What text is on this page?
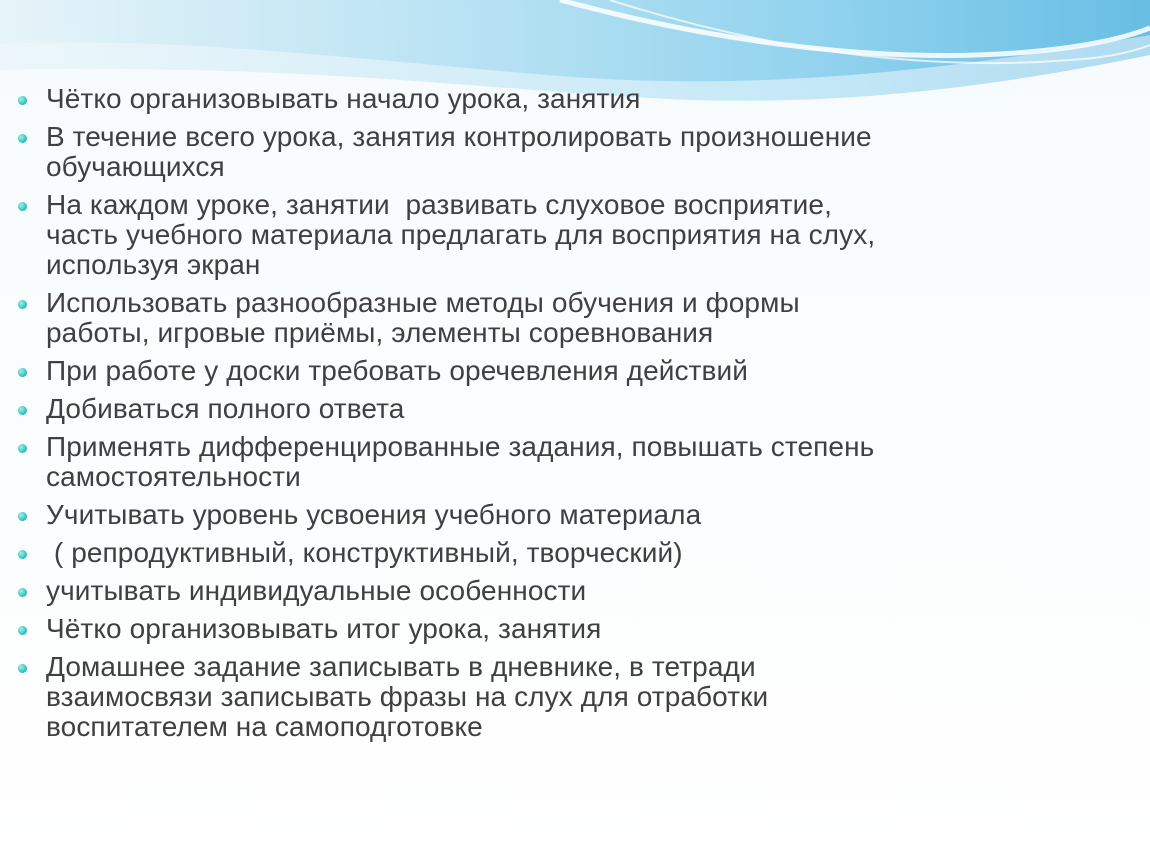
Чётко организовывать начало урока, занятия
В течение всего урока, занятия контролировать произношение
обучающихся
На каждом уроке, занятии  развивать слуховое восприятие,
часть учебного материала предлагать для восприятия на слух,
используя экран
Использовать разнообразные методы обучения и формы
работы, игровые приёмы, элементы соревнования
При работе у доски требовать оречевления действий
Добиваться полного ответа
Применять дифференцированные задания, повышать степень
самостоятельности
Учитывать уровень усвоения учебного материала
( репродуктивный, конструктивный, творческий)
учитывать индивидуальные особенности
Чётко организовывать итог урока, занятия
Домашнее задание записывать в дневнике, в тетради
взаимосвязи записывать фразы на слух для отработки
воспитателем на самоподготовке
